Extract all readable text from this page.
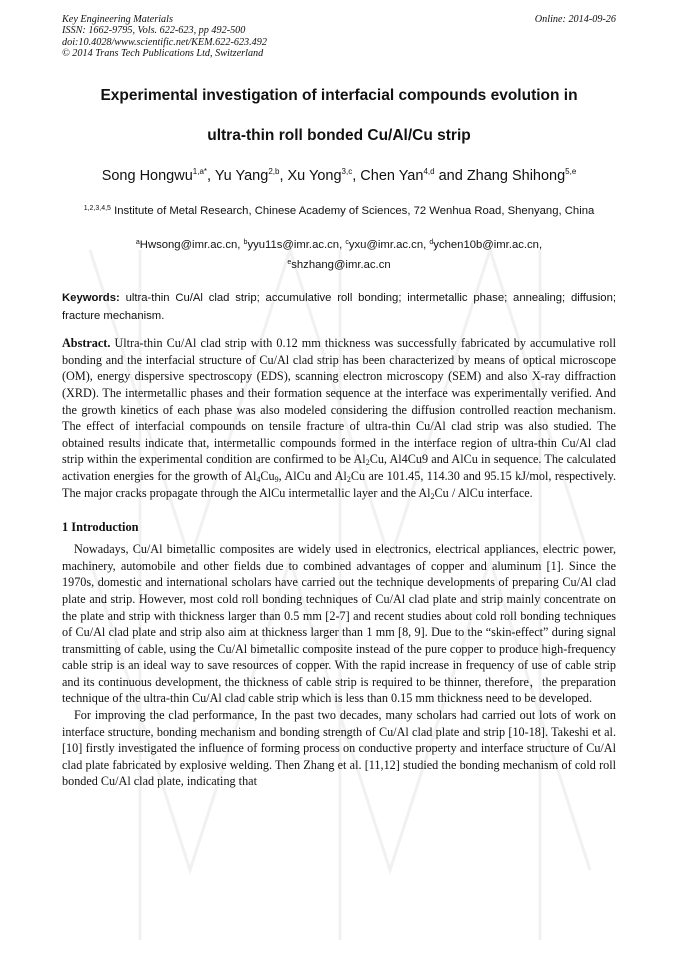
Key Engineering Materials
ISSN: 1662-9795, Vols. 622-623, pp 492-500
doi:10.4028/www.scientific.net/KEM.622-623.492
© 2014 Trans Tech Publications Ltd, Switzerland
Online: 2014-09-26
Experimental investigation of interfacial compounds evolution in
ultra-thin roll bonded Cu/Al/Cu strip
Song Hongwu$^{1,a*}$, Yu Yang$^{2,b}$, Xu Yong$^{3,c}$, Chen Yan$^{4,d}$ and Zhang Shihong$^{5,e}$
$^{1,2,3,4,5}$ Institute of Metal Research, Chinese Academy of Sciences, 72 Wenhua Road, Shenyang, China
$^a$Hwsong@imr.ac.cn, $^b$yyu11s@imr.ac.cn, $^c$yxu@imr.ac.cn, $^d$ychen10b@imr.ac.cn,
$^e$shzhang@imr.ac.cn
Keywords: ultra-thin Cu/Al clad strip; accumulative roll bonding; intermetallic phase; annealing; diffusion; fracture mechanism.
Abstract. Ultra-thin Cu/Al clad strip with 0.12 mm thickness was successfully fabricated by accumulative roll bonding and the interfacial structure of Cu/Al clad strip has been characterized by means of optical microscope (OM), energy dispersive spectroscopy (EDS), scanning electron microscopy (SEM) and also X-ray diffraction (XRD). The intermetallic phases and their formation sequence at the interface was experimentally verified. And the growth kinetics of each phase was also modeled considering the diffusion controlled reaction mechanism. The effect of interfacial compounds on tensile fracture of ultra-thin Cu/Al clad strip was also studied. The obtained results indicate that, intermetallic compounds formed in the interface region of ultra-thin Cu/Al clad strip within the experimental condition are confirmed to be $Al_2Cu$, Al4Cu9 and AlCu in sequence. The calculated activation energies for the growth of $Al_4Cu_9$, AlCu and $Al_2Cu$ are 101.45, 114.30 and 95.15 kJ/mol, respectively. The major cracks propagate through the AlCu intermetallic layer and the $Al_2Cu$ / AlCu interface.
1 Introduction

Nowadays, Cu/Al bimetallic composites are widely used in electronics, electrical appliances, electric power, machinery, automobile and other fields due to combined advantages of copper and aluminum [1]. Since the 1970s, domestic and international scholars have carried out the technique developments of preparing Cu/Al clad plate and strip. However, most cold roll bonding techniques of Cu/Al clad plate and strip mainly concentrate on the plate and strip with thickness larger than 0.5 mm [2-7] and recent studies about cold roll bonding techniques of Cu/Al clad plate and strip also aim at thickness larger than 1 mm [8, 9]. Due to the “skin-effect” during signal transmitting of cable, using the Cu/Al bimetallic composite instead of the pure copper to produce high-frequency cable strip is an ideal way to save resources of copper. With the rapid increase in frequency of use of cable strip and its continuous development, the thickness of cable strip is required to be thinner, therefore，the preparation technique of the ultra-thin Cu/Al clad cable strip which is less than 0.15 mm thickness need to be developed.

For improving the clad performance, In the past two decades, many scholars had carried out lots of work on interface structure, bonding mechanism and bonding strength of Cu/Al clad plate and strip [10-18]. Takeshi et al. [10] firstly investigated the influence of forming process on conductive property and interface structure of Cu/Al clad plate fabricated by explosive welding. Then Zhang et al. [11,12] studied the bonding mechanism of cold roll bonded Cu/Al clad plate, indicating that
